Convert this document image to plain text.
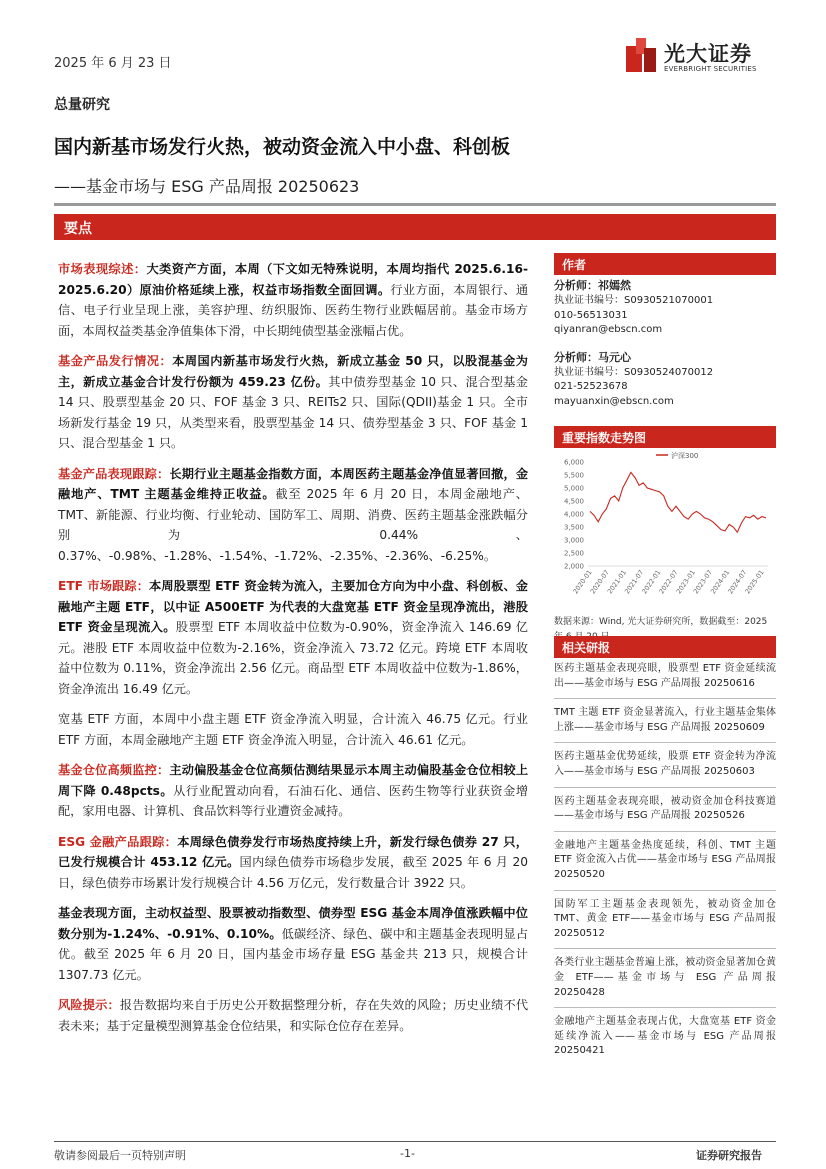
2025 年 6 月 23 日	光大证券
EVERBRIGHT SECURITIES
总量研究
国内新基市场发行火热，被动资金流入中小盘、科创板
——基金市场与 ESG 产品周报 20250623
要点

市场表现综述：大类资产方面，本周（下文如无特殊说明，本周均指代 2025.6.16-2025.6.20）原油价格延续上涨，权益市场指数全面回调。行业方面，本周银行、通信、电子行业呈现上涨，美容护理、纺织服饰、医药生物行业跌幅居前。基金市场方面，本周权益类基金净值集体下滑，中长期纯债型基金涨幅占优。

基金产品发行情况：本周国内新基市场发行火热，新成立基金 50 只，以股混基金为主，新成立基金合计发行份额为 459.23 亿份。其中债券型基金 10 只、混合型基金 14 只、股票型基金 20 只、FOF 基金 3 只、REITs2 只、国际(QDII)基金 1 只。全市场新发行基金 19 只，从类型来看，股票型基金 14 只、债券型基金 3 只、FOF 基金 1 只、混合型基金 1 只。

基金产品表现跟踪：长期行业主题基金指数方面，本周医药主题基金净值显著回撤，金融地产、TMT 主题基金维持正收益。截至 2025 年 6 月 20 日，本周金融地产、TMT、新能源、行业均衡、行业轮动、国防军工、周期、消费、医药主题基金涨跌幅分别为 0.44%、0.37%、-0.98%、-1.28%、-1.54%、-1.72%、-2.35%、-2.36%、-6.25%。

ETF 市场跟踪：本周股票型 ETF 资金转为流入，主要加仓方向为中小盘、科创板、金融地产主题 ETF，以中证 A500ETF 为代表的大盘宽基 ETF 资金呈现净流出，港股 ETF 资金呈现流入。股票型 ETF 本周收益中位数为-0.90%，资金净流入 146.69 亿元。港股 ETF 本周收益中位数为-2.16%，资金净流入 73.72 亿元。跨境 ETF 本周收益中位数为 0.11%，资金净流出 2.56 亿元。商品型 ETF 本周收益中位数为-1.86%，资金净流出 16.49 亿元。

宽基 ETF 方面，本周中小盘主题 ETF 资金净流入明显，合计流入 46.75 亿元。行业 ETF 方面，本周金融地产主题 ETF 资金净流入明显，合计流入 46.61 亿元。

基金仓位高频监控：主动偏股基金仓位高频估测结果显示本周主动偏股基金仓位相较上周下降 0.48pcts。从行业配置动向看，石油石化、通信、医药生物等行业获资金增配，家用电器、计算机、食品饮料等行业遭资金减持。

ESG 金融产品跟踪：本周绿色债券发行市场热度持续上升，新发行绿色债券 27 只，已发行规模合计 453.12 亿元。国内绿色债券市场稳步发展，截至 2025 年 6 月 20 日，绿色债券市场累计发行规模合计 4.56 万亿元，发行数量合计 3922 只。

基金表现方面，主动权益型、股票被动指数型、债券型 ESG 基金本周净值涨跌幅中位数分别为-1.24%、-0.91%、0.10%。低碳经济、绿色、碳中和主题基金表现明显占优。截至 2025 年 6 月 20 日，国内基金市场存量 ESG 基金共 213 只，规模合计 1307.73 亿元。

风险提示：报告数据均来自于历史公开数据整理分析，存在失效的风险；历史业绩不代表未来；基于定量模型测算基金仓位结果，和实际仓位存在差异。

作者
分析师：祁嫣然
执业证书编号：S0930521070001
010-56513031
qiyanran@ebscn.com
分析师：马元心
执业证书编号：S0930524070012
021-52523678
mayuanxin@ebscn.com
重要指数走势图
沪深300
6,000
5,500
5,000
4,500
4,000
3,500
3,000
2,500
2,000
2020-01
2020-07
2021-01
2021-07
2022-01
2022-07
2023-01
2023-07
2024-01
2024-07
2025-01
数据来源：Wind, 光大证券研究所，数据截至：2025
相关研报
医药主题基金表现亮眼，股票型 ETF 资金延续流出——基金市场与 ESG 产品周报 20250616
TMT 主题 ETF 资金显著流入，行业主题基金集体上涨——基金市场与 ESG 产品周报 20250609
医药主题基金优势延续，股票 ETF 资金转为净流入——基金市场与 ESG 产品周报 20250603
医药主题基金表现亮眼，被动资金加仓科技赛道——基金市场与 ESG 产品周报 20250526
金融地产主题基金热度延续，科创、TMT 主题 ETF 资金流入占优——基金市场与 ESG 产品周报 20250520
国防军工主题基金表现领先，被动资金加仓 TMT、黄金 ETF——基金市场与 ESG 产品周报 20250512
各类行业主题基金普遍上涨，被动资金显著加仓黄金 ETF——基金市场与 ESG 产品周报 20250428
金融地产主题基金表现占优，大盘宽基 ETF 资金延续净流入——基金市场与 ESG 产品周报 20250421
敬请参阅最后一页特别声明	-1-	证券研究报告
